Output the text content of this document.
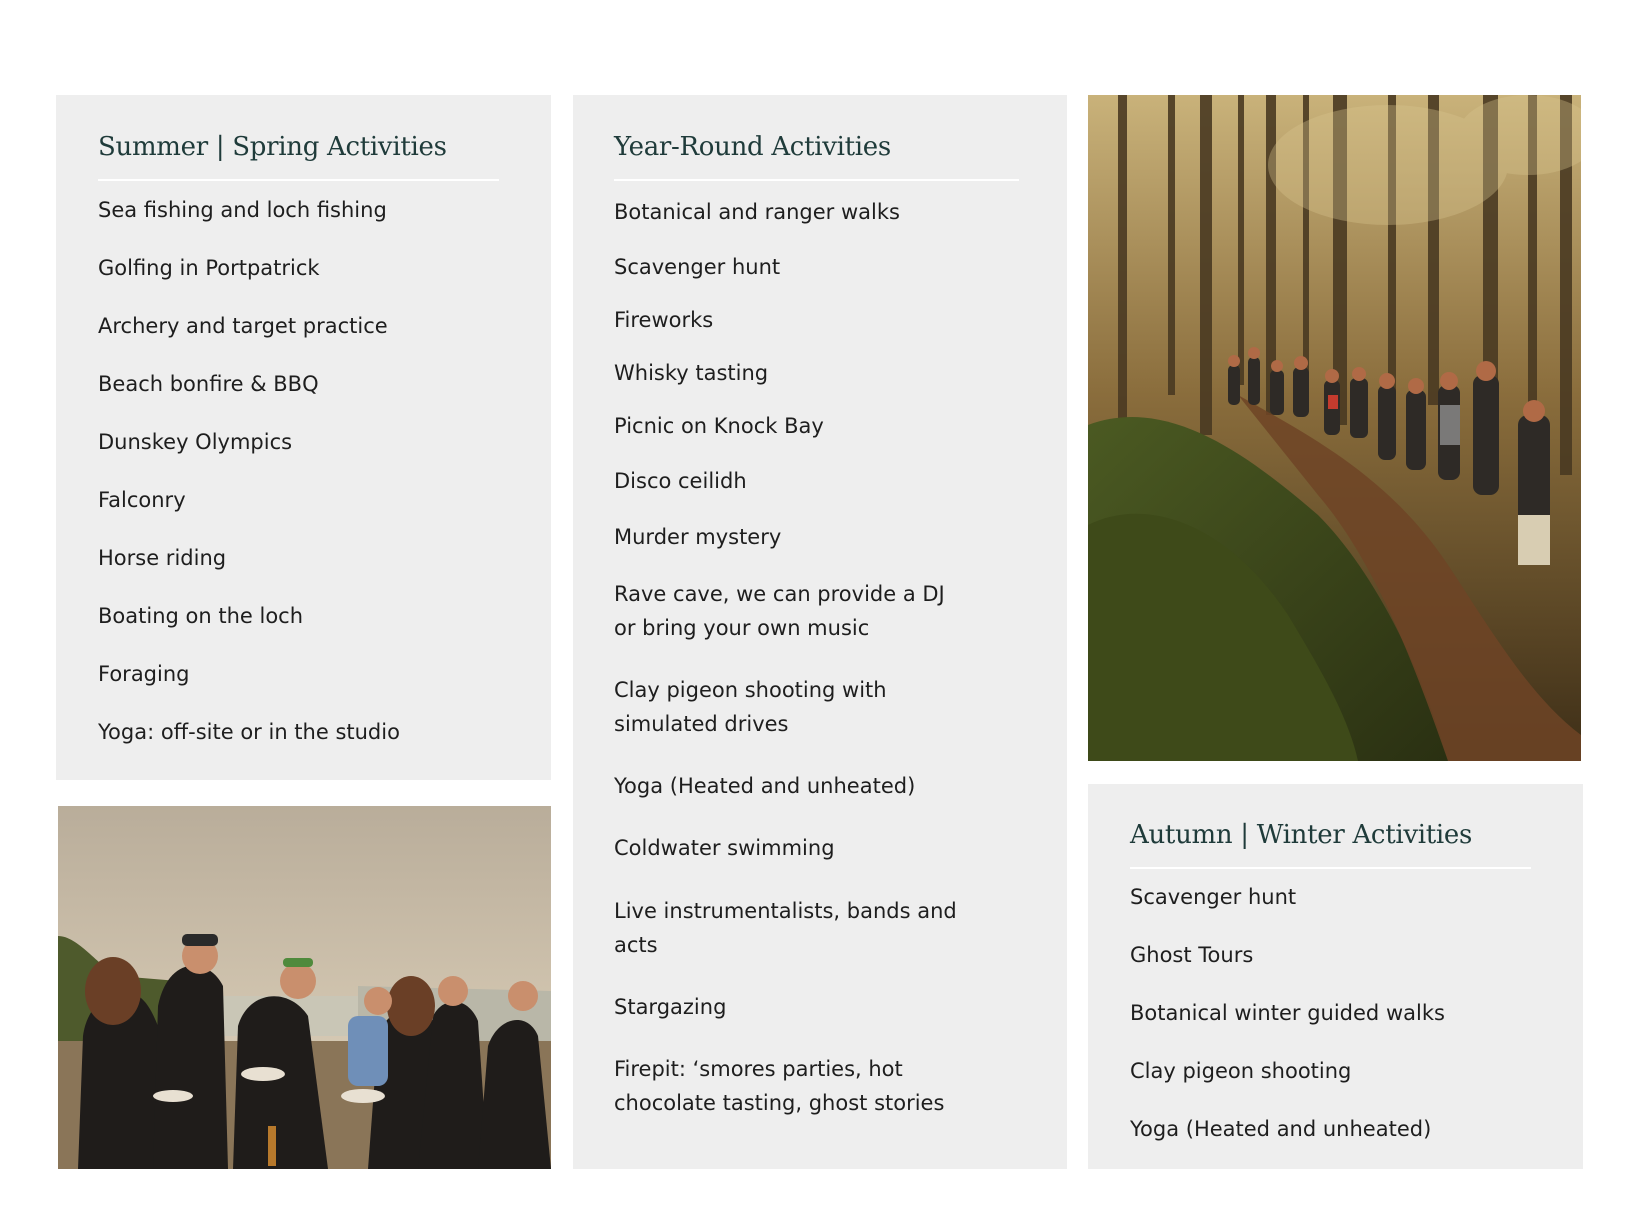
Summer | Spring Activities
Sea fishing and loch fishing
Golfing in Portpatrick
Archery and target practice
Beach bonfire & BBQ
Dunskey Olympics
Falconry
Horse riding
Boating on the loch
Foraging
Yoga: off-site or in the studio
Year-Round Activities
Botanical and ranger walks
Scavenger hunt
Fireworks
Whisky tasting
Picnic on Knock Bay
Disco ceilidh
Murder mystery
Rave cave, we can provide a DJ
or bring your own music
Clay pigeon shooting with
simulated drives
Yoga (Heated and unheated)
Coldwater swimming
Live instrumentalists, bands and
acts
Stargazing
Firepit: ‘smores parties, hot
chocolate tasting, ghost stories
Autumn | Winter Activities
Scavenger hunt
Ghost Tours
Botanical winter guided walks
Clay pigeon shooting
Yoga (Heated and unheated)
